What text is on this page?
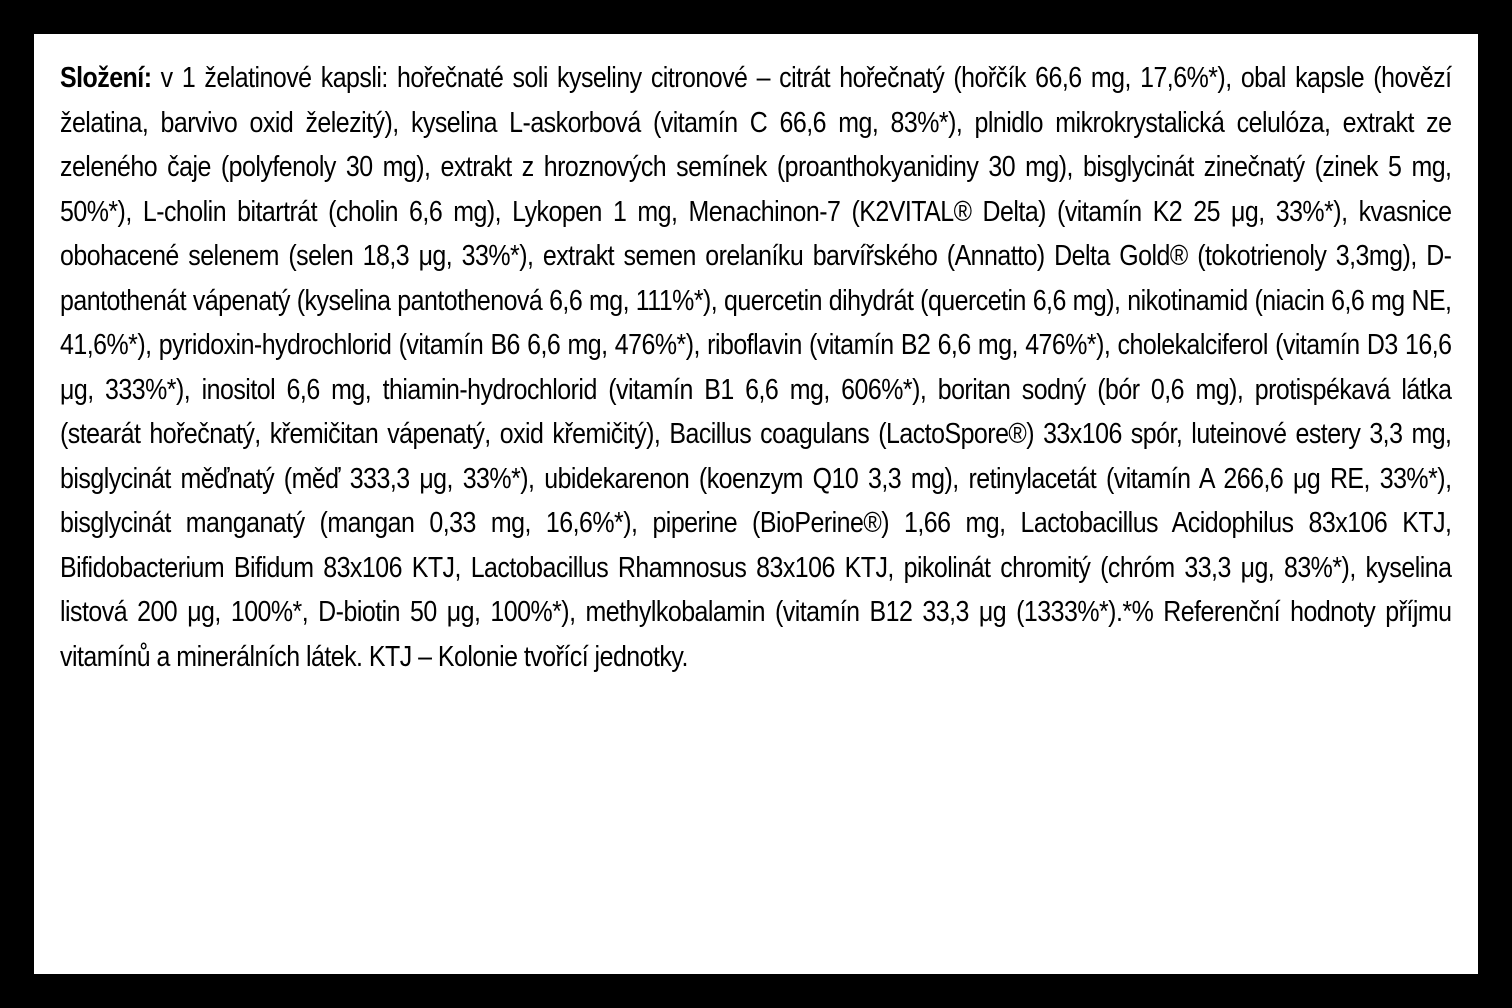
Složení: v 1 želatinové kapsli: hořečnaté soli kyseliny citronové – citrát hořečnatý (hořčík 66,6 mg, 17,6%*), obal kapsle (hovězí želatina, barvivo oxid železitý), kyselina L-askorbová (vitamín C 66,6 mg, 83%*), plnidlo mikrokrystalická celulóza, extrakt ze zeleného čaje (polyfenoly 30 mg), extrakt z hroznových semínek (proanthokyanidiny 30 mg), bisglycinát zinečnatý (zinek 5 mg, 50%*), L-cholin bitartrát (cholin 6,6 mg), Lykopen 1 mg, Menachinon-7 (K2VITAL® Delta) (vitamín K2 25 μg, 33%*), kvasnice obohacené selenem (selen 18,3 μg, 33%*), extrakt semen orelaníku barvířského (Annatto) Delta Gold® (tokotrienoly 3,3mg), D-pantothenát vápenatý (kyselina pantothenová 6,6 mg, 111%*), quercetin dihydrát (quercetin 6,6 mg), nikotinamid (niacin 6,6 mg NE, 41,6%*), pyridoxin-hydrochlorid (vitamín B6 6,6 mg, 476%*), riboflavin (vitamín B2 6,6 mg, 476%*), cholekalciferol (vitamín D3 16,6 μg, 333%*), inositol 6,6 mg, thiamin-hydrochlorid (vitamín B1 6,6 mg, 606%*), boritan sodný (bór 0,6 mg), protispékavá látka (stearát hořečnatý, křemičitan vápenatý, oxid křemičitý), Bacillus coagulans (LactoSpore®) 33x106 spór, luteinové estery 3,3 mg, bisglycinát měďnatý (měď 333,3 μg, 33%*), ubidekarenon (koenzym Q10 3,3 mg), retinylacetát (vitamín A 266,6 μg RE, 33%*), bisglycinát manganatý (mangan 0,33 mg, 16,6%*), piperine (BioPerine®) 1,66 mg, Lactobacillus Acidophilus 83x106 KTJ, Bifidobacterium Bifidum 83x106 KTJ, Lactobacillus Rhamnosus 83x106 KTJ, pikolinát chromitý (chróm 33,3 μg, 83%*), kyselina listová 200 μg, 100%*, D-biotin 50 μg, 100%*), methylkobalamin (vitamín B12 33,3 μg (1333%*).*% Referenční hodnoty příjmu vitamínů a minerálních látek. KTJ – Kolonie tvořící jednotky.
